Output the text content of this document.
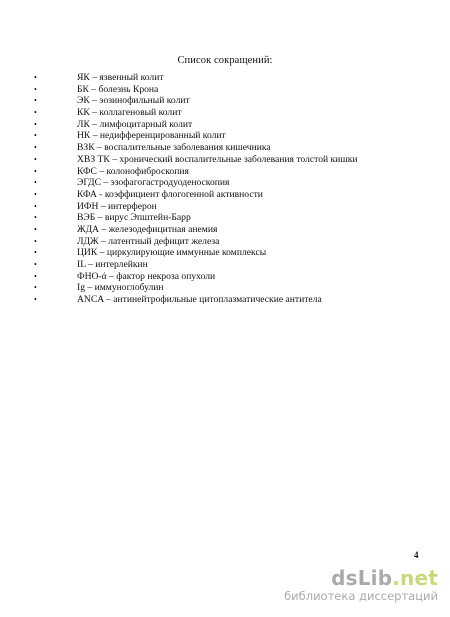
Список сокращений:
•	ЯК – язвенный колит
•	БК – болезнь Крона
•	ЭК – эозинофильный колит
•	КК – коллагеновый колит
•	ЛК – лимфоцитарный колит
•	НК – недифференцированный колит
•	ВЗК – воспалительные заболевания кишечника
•	ХВЗ ТК – хронический воспалительные заболевания толстой кишки
•	КФС – колонофиброскопия
•	ЭГДС – эзофагогастродуоденоскопия
•	КФА - коэффициент флогогенной активности
•	ИФН – интерферон
•	ВЭБ – вирус Эпштейн-Барр
•	ЖДА – железодефицитная анемия
•	ЛДЖ – латентный дефицит железа
•	ЦИК – циркулирующие иммунные комплексы
•	IL – интерлейкин
•	ФНО-ά – фактор некроза опухоли
•	Ig – иммуноглобулин
•	ANCA – антинейтрофильные цитоплазматические антитела
4
dsLib.net
библиотека диссертаций
